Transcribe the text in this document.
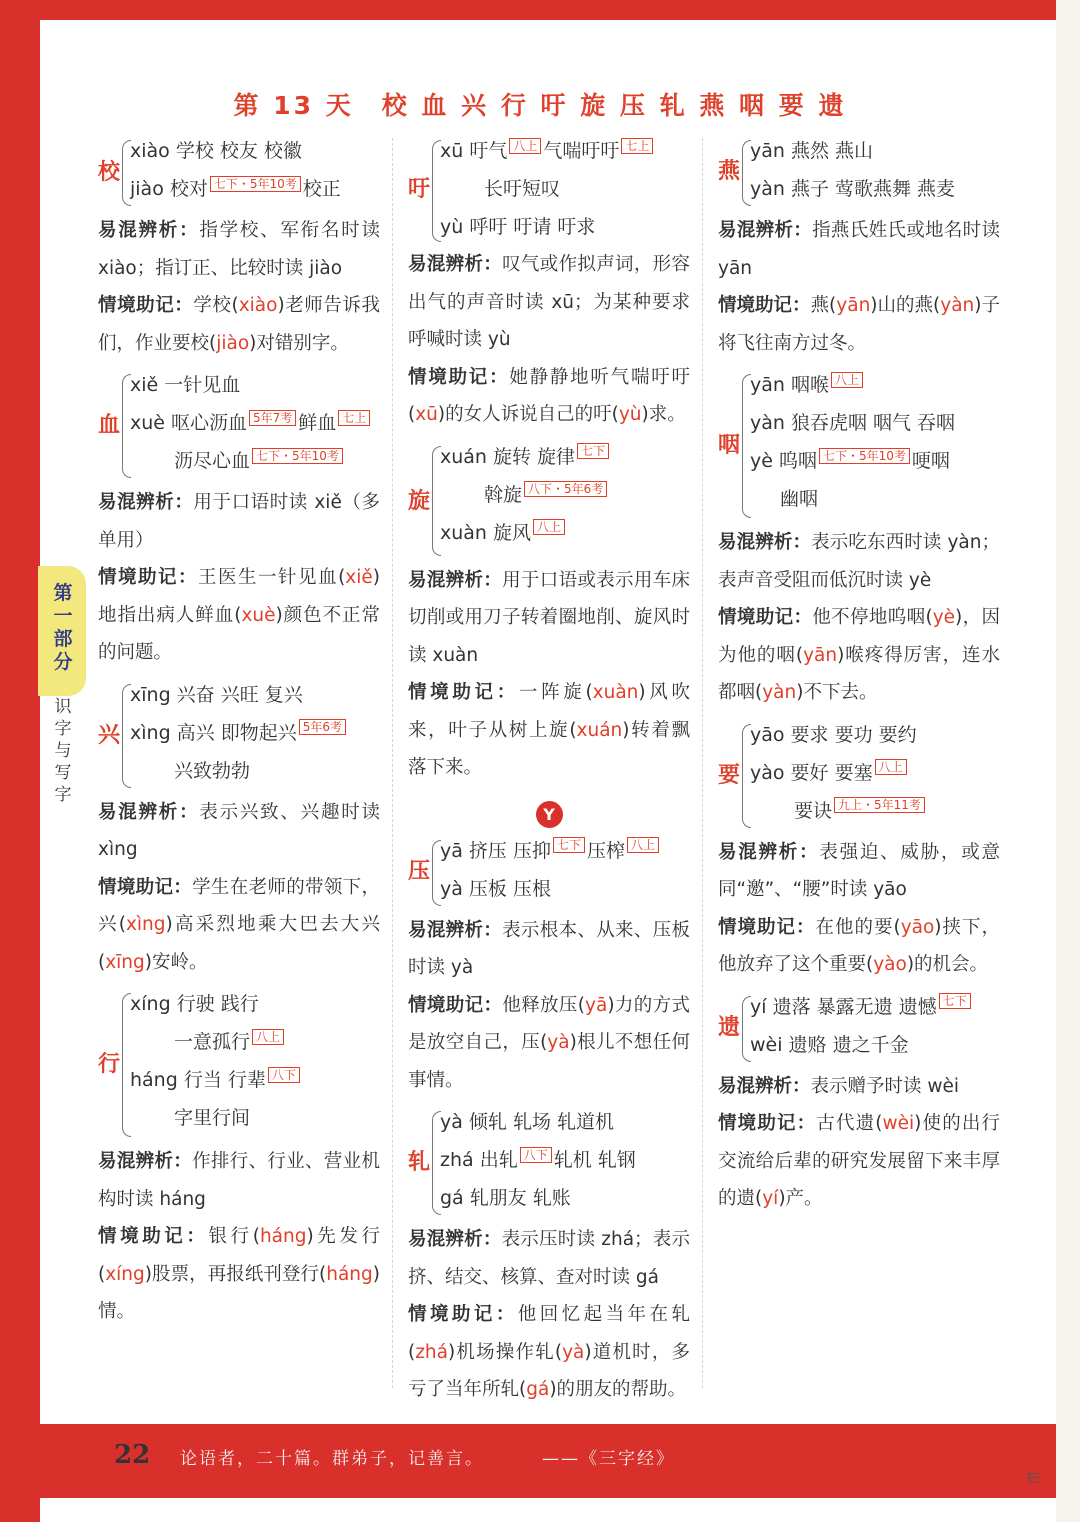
第一部分
识字与写字
第 13 天　校 血 兴 行 吁 旋 压 轧 燕 咽 要 遗
校
xiào 学校 校友 校徽
jiào 校对 七下・5年10考 校正

易混辨析：指学校、军衔名时读 xiào；指订正、比较时读 jiào

情境助记：学校(xiào)老师告诉我们，作业要校(jiào)对错别字。

血
xiě 一针见血
xuè 呕心沥血 5年7考 鲜血 七上
沥尽心血 七下・5年10考

易混辨析：用于口语时读 xiě（多单用）

情境助记：王医生一针见血(xiě)地指出病人鲜血(xuè)颜色不正常的问题。

兴
xīng 兴奋 兴旺 复兴
xìng 高兴 即物起兴 5年6考
兴致勃勃

易混辨析：表示兴致、兴趣时读 xìng

情境助记：学生在老师的带领下，兴(xìng)高采烈地乘大巴去大兴(xīng)安岭。

行
xíng 行驶 践行
一意孤行 八上
háng 行当 行辈 八下
字里行间

易混辨析：作排行、行业、营业机构时读 háng

情境助记：银行(háng)先发行(xíng)股票，再报纸刊登行(háng)情。

吁
xū 吁气 八上 气喘吁吁 七上
长吁短叹
yù 呼吁 吁请 吁求

易混辨析：叹气或作拟声词，形容出气的声音时读 xū；为某种要求呼喊时读 yù

情境助记：她静静地听气喘吁吁(xū)的女人诉说自己的吁(yù)求。

旋
xuán 旋转 旋律 七下
斡旋 八下・5年6考
xuàn 旋风 八上

易混辨析：用于口语或表示用车床切削或用刀子转着圈地削、旋风时读 xuàn

情境助记：一阵旋(xuàn)风吹来，叶子从树上旋(xuán)转着飘落下来。

Y
压
yā 挤压 压抑 七下 压榨 八上
yà 压板 压根

易混辨析：表示根本、从来、压板时读 yà

情境助记：他释放压(yā)力的方式是放空自己，压(yà)根儿不想任何事情。

轧
yà 倾轧 轧场 轧道机
zhá 出轧 八下 轧机 轧钢
gá 轧朋友 轧账

易混辨析：表示压时读 zhá；表示挤、结交、核算、查对时读 gá

情境助记：他回忆起当年在轧(zhá)机场操作轧(yà)道机时，多亏了当年所轧(gá)的朋友的帮助。

燕
yān 燕然 燕山
yàn 燕子 莺歌燕舞 燕麦

易混辨析：指燕氏姓氏或地名时读 yān

情境助记：燕(yān)山的燕(yàn)子将飞往南方过冬。

咽
yān 咽喉 八上
yàn 狼吞虎咽 咽气 吞咽
yè 呜咽 七下・5年10考 哽咽
幽咽

易混辨析：表示吃东西时读 yàn；表声音受阻而低沉时读 yè

情境助记：他不停地呜咽(yè)，因为他的咽(yān)喉疼得厉害，连水都咽(yàn)不下去。

要
yāo 要求 要功 要约
yào 要好 要塞 八上
要诀 九上・5年11考

易混辨析：表强迫、威胁，或意同“邀”、“腰”时读 yāo

情境助记：在他的要(yāo)挟下，他放弃了这个重要(yào)的机会。

遗
yí 遗落 暴露无遗 遗憾 七下
wèi 遗赂 遗之千金

易混辨析：表示赠予时读 wèi

情境助记：古代遗(wèi)使的出行交流给后辈的研究发展留下来丰厚的遗(yí)产。

22 论语者，二十篇。群弟子，记善言。	——《三字经》
ㅌ
